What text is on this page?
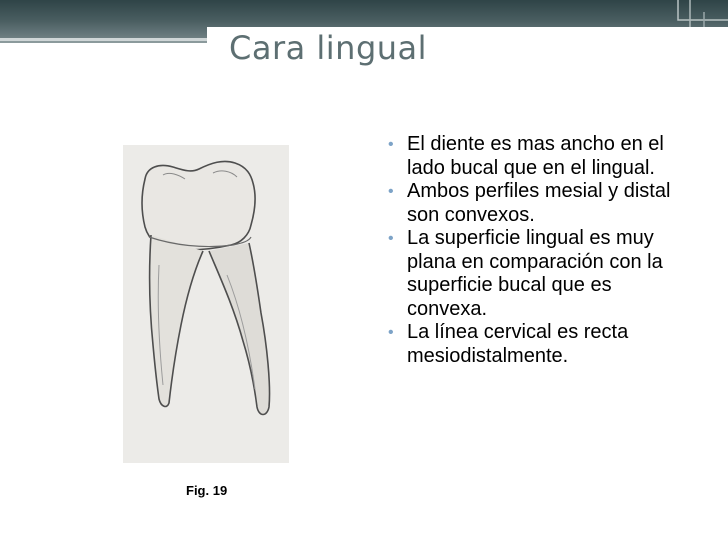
Cara lingual
Fig. 19
• El diente es mas ancho en el lado bucal que en el lingual.
• Ambos perfiles mesial y distal son convexos.
• La superficie lingual es muy plana en comparación con la superficie bucal que es convexa.
• La línea cervical es recta mesiodistalmente.
